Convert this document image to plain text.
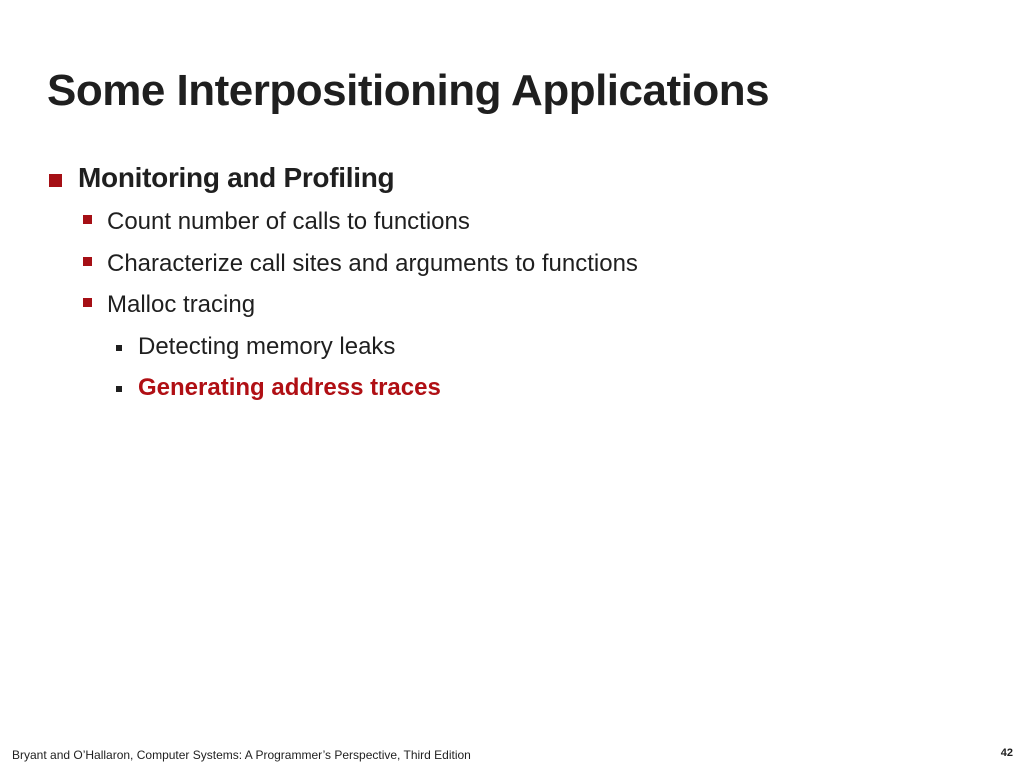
Some Interpositioning Applications
Monitoring and Profiling
Count number of calls to functions
Characterize call sites and arguments to functions
Malloc tracing
Detecting memory leaks
Generating address traces
Bryant and O’Hallaron, Computer Systems: A Programmer’s Perspective, Third Edition	42
